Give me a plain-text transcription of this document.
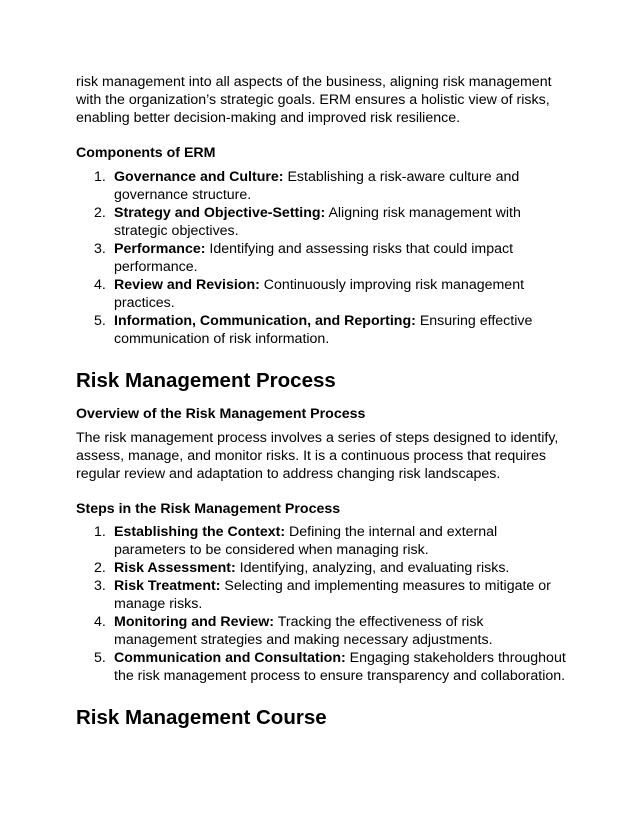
risk management into all aspects of the business, aligning risk management with the organization’s strategic goals. ERM ensures a holistic view of risks, enabling better decision-making and improved risk resilience.

Components of ERM
1. Governance and Culture: Establishing a risk-aware culture and governance structure.
2. Strategy and Objective-Setting: Aligning risk management with strategic objectives.
3. Performance: Identifying and assessing risks that could impact performance.
4. Review and Revision: Continuously improving risk management practices.
5. Information, Communication, and Reporting: Ensuring effective communication of risk information.
Risk Management Process
Overview of the Risk Management Process

The risk management process involves a series of steps designed to identify, assess, manage, and monitor risks. It is a continuous process that requires regular review and adaptation to address changing risk landscapes.

Steps in the Risk Management Process
1. Establishing the Context: Defining the internal and external parameters to be considered when managing risk.
2. Risk Assessment: Identifying, analyzing, and evaluating risks.
3. Risk Treatment: Selecting and implementing measures to mitigate or manage risks.
4. Monitoring and Review: Tracking the effectiveness of risk management strategies and making necessary adjustments.
5. Communication and Consultation: Engaging stakeholders throughout the risk management process to ensure transparency and collaboration.
Risk Management Course
